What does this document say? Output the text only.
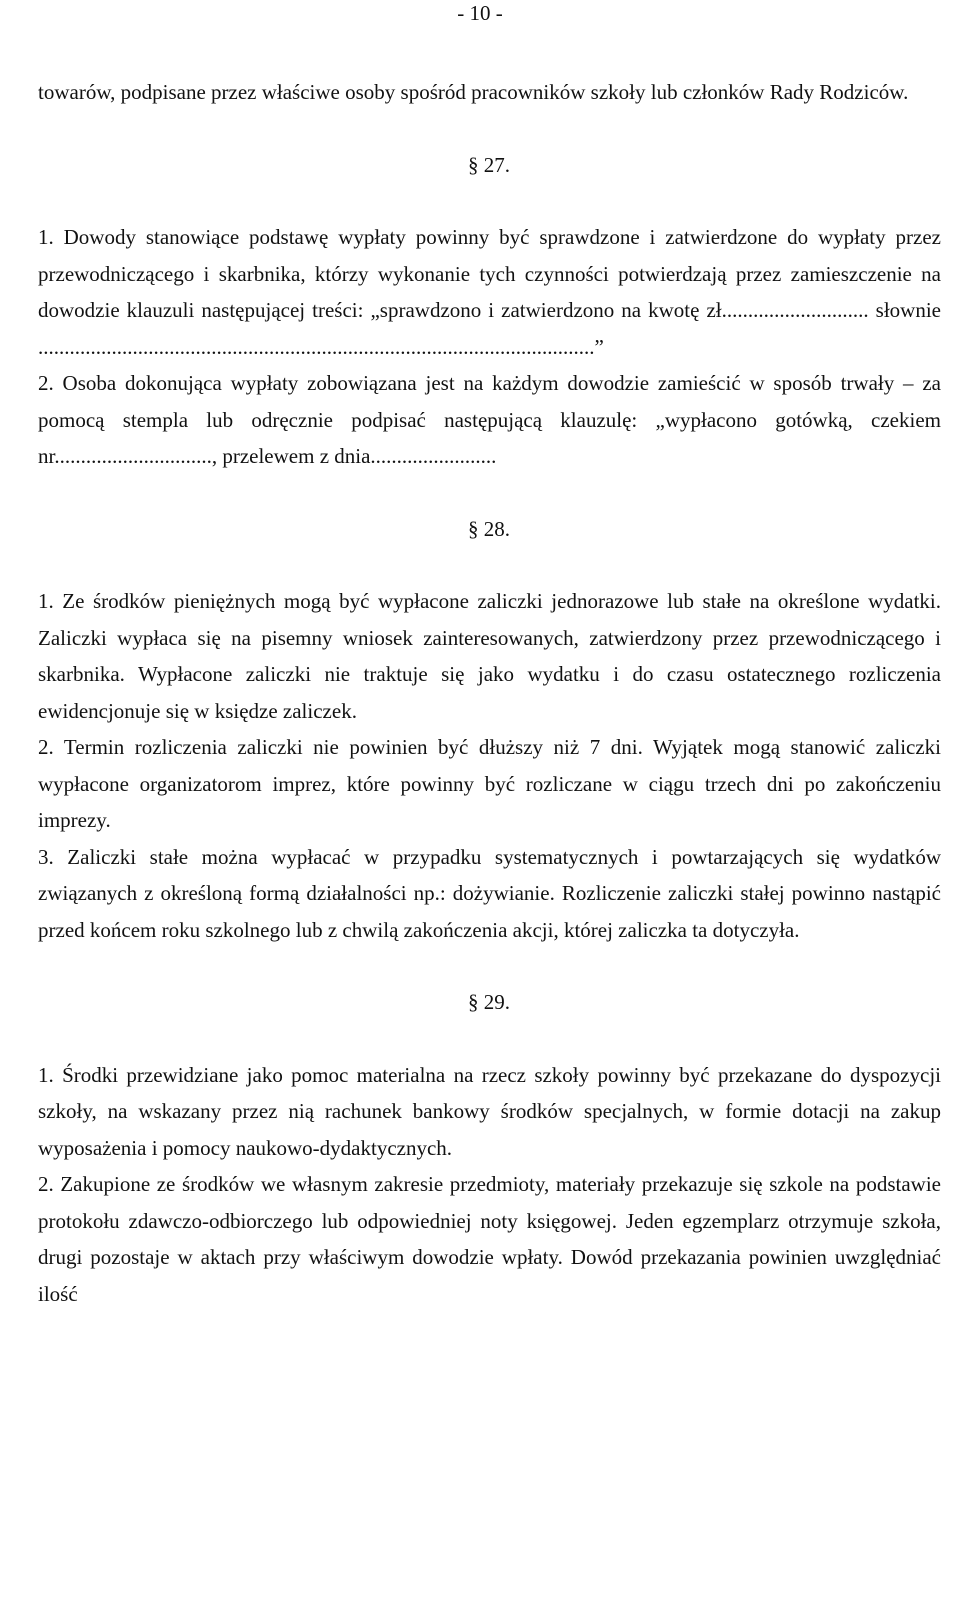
- 10 -

towarów, podpisane przez właściwe osoby spośród pracowników szkoły lub członków Rady Rodziców.

§ 27.

1. Dowody stanowiące podstawę wypłaty powinny być sprawdzone i zatwierdzone do wypłaty przez przewodniczącego i skarbnika, którzy wykonanie tych czynności potwierdzają przez zamieszczenie na dowodzie klauzuli następującej treści: „sprawdzono i zatwierdzono na kwotę zł............................ słownie ..........................................................................................................”

2. Osoba dokonująca wypłaty zobowiązana jest na każdym dowodzie zamieścić w sposób trwały – za pomocą stempla lub odręcznie podpisać następującą klauzulę: „wypłacono gotówką, czekiem nr.............................., przelewem z dnia........................

§ 28.

1. Ze środków pieniężnych mogą być wypłacone zaliczki jednorazowe lub stałe na określone wydatki. Zaliczki wypłaca się na pisemny wniosek zainteresowanych, zatwierdzony przez przewodniczącego i skarbnika. Wypłacone zaliczki nie traktuje się jako wydatku i do czasu ostatecznego rozliczenia ewidencjonuje się w księdze zaliczek.

2. Termin rozliczenia zaliczki nie powinien być dłuższy niż 7 dni. Wyjątek mogą stanowić zaliczki wypłacone organizatorom imprez, które powinny być rozliczane w ciągu trzech dni po zakończeniu imprezy.

3. Zaliczki stałe można wypłacać w przypadku systematycznych i powtarzających się wydatków związanych z określoną formą działalności np.: dożywianie. Rozliczenie zaliczki stałej powinno nastąpić przed końcem roku szkolnego lub z chwilą zakończenia akcji, której zaliczka ta dotyczyła.

§ 29.

1. Środki przewidziane jako pomoc materialna na rzecz szkoły powinny być przekazane do dyspozycji szkoły, na wskazany przez nią rachunek bankowy środków specjalnych, w formie dotacji na zakup wyposażenia i pomocy naukowo-dydaktycznych.

2. Zakupione ze środków we własnym zakresie przedmioty, materiały przekazuje się szkole na podstawie protokołu zdawczo-odbiorczego lub odpowiedniej noty księgowej. Jeden egzemplarz otrzymuje szkoła, drugi pozostaje w aktach przy właściwym dowodzie wpłaty. Dowód przekazania powinien uwzględniać ilość
